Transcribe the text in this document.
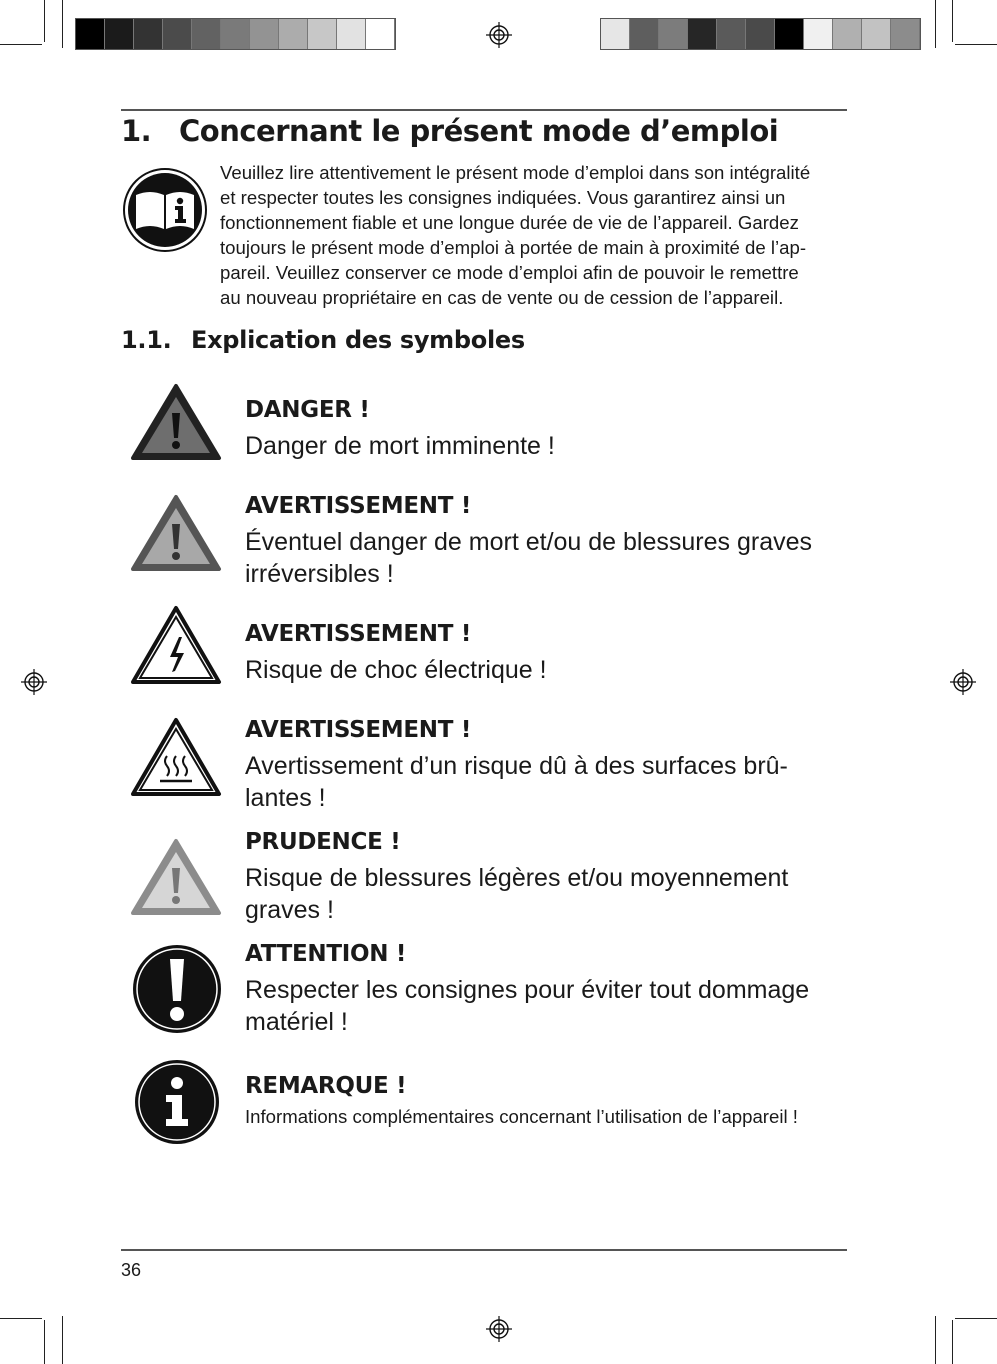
1. Concernant le présent mode d’emploi
Veuillez lire attentivement le présent mode d’emploi dans son intégralité
et respecter toutes les consignes indiquées. Vous garantirez ainsi un
fonctionnement fiable et une longue durée de vie de l’appareil. Gardez
toujours le présent mode d’emploi à portée de main à proximité de l’ap-
pareil. Veuillez conserver ce mode d’emploi afin de pouvoir le remettre
au nouveau propriétaire en cas de vente ou de cession de l’appareil.
1.1. Explication des symboles
DANGER !
Danger de mort imminente !
AVERTISSEMENT !
Éventuel danger de mort et/ou de blessures graves
irréversibles !
AVERTISSEMENT !
Risque de choc électrique !
AVERTISSEMENT !
Avertissement d’un risque dû à des surfaces brû-
lantes !
PRUDENCE !
Risque de blessures légères et/ou moyennement
graves !
ATTENTION !
Respecter les consignes pour éviter tout dommage
matériel !
REMARQUE !
Informations complémentaires concernant l’utilisation de l’appareil !
36
